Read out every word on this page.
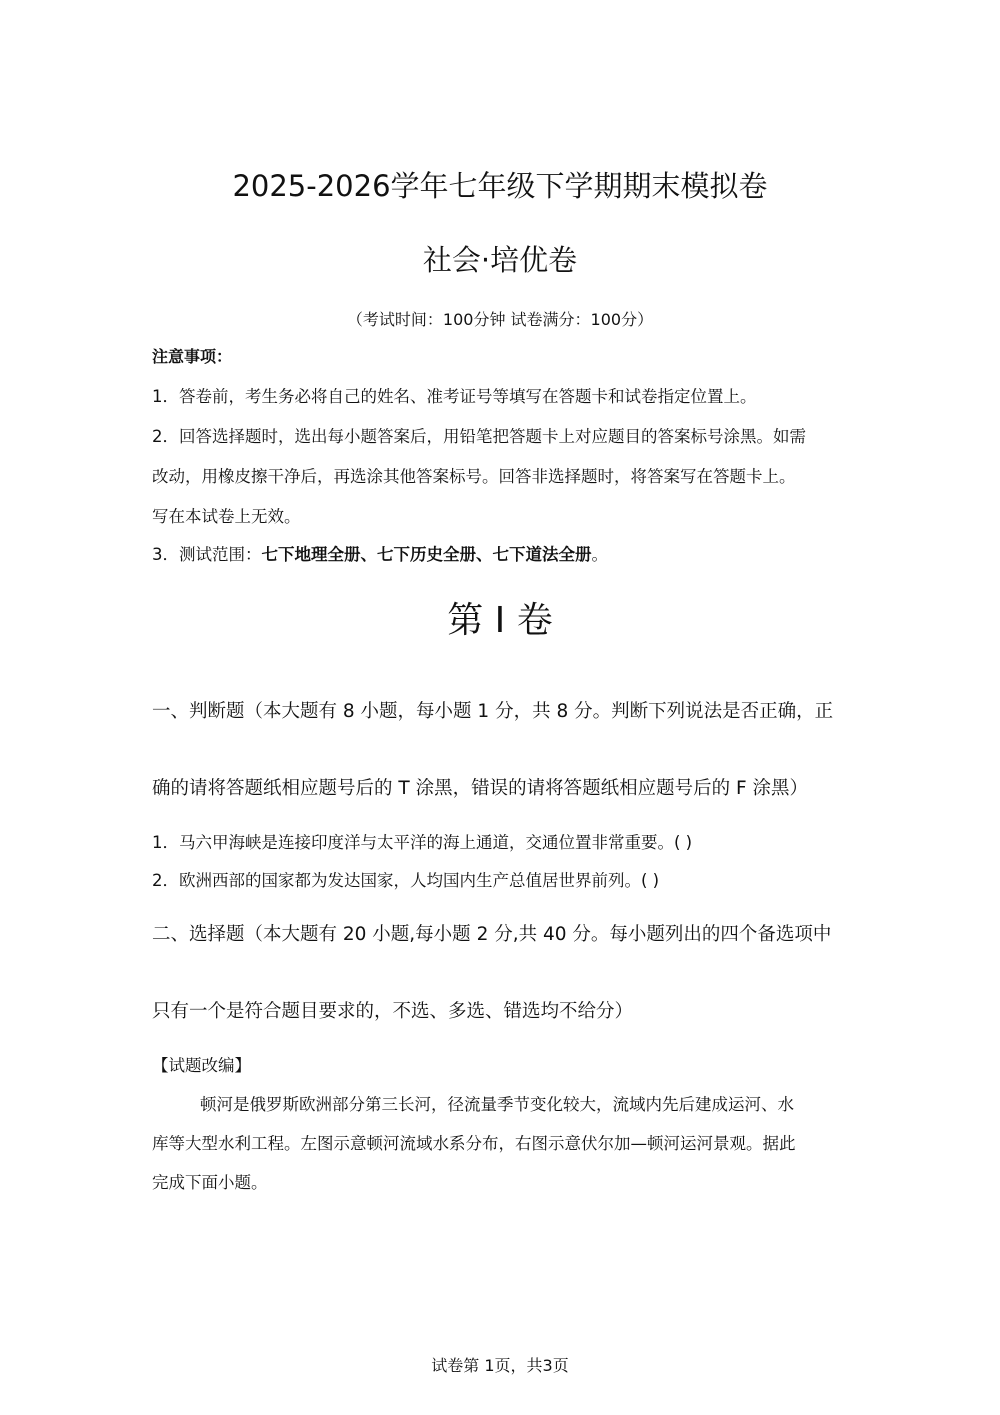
2025-2026学年七年级下学期期末模拟卷
社会·培优卷
（考试时间：100分钟 试卷满分：100分）
注意事项：
1．答卷前，考生务必将自己的姓名、准考证号等填写在答题卡和试卷指定位置上。
2．回答选择题时，选出每小题答案后，用铅笔把答题卡上对应题目的答案标号涂黑。如需
改动，用橡皮擦干净后，再选涂其他答案标号。回答非选择题时，将答案写在答题卡上。
写在本试卷上无效。
3．测试范围：七下地理全册、七下历史全册、七下道法全册。
第 I 卷
一、判断题（本大题有 8 小题，每小题 1 分，共 8 分。判断下列说法是否正确，正
确的请将答题纸相应题号后的 T 涂黑，错误的请将答题纸相应题号后的 F 涂黑）
1．马六甲海峡是连接印度洋与太平洋的海上通道，交通位置非常重要。( )
2．欧洲西部的国家都为发达国家，人均国内生产总值居世界前列。( )
二、选择题（本大题有 20 小题,每小题 2 分,共 40 分。每小题列出的四个备选项中
只有一个是符合题目要求的，不选、多选、错选均不给分）
【试题改编】
顿河是俄罗斯欧洲部分第三长河，径流量季节变化较大，流域内先后建成运河、水
库等大型水利工程。左图示意顿河流域水系分布，右图示意伏尔加—顿河运河景观。据此
完成下面小题。
试卷第 1页，共3页
